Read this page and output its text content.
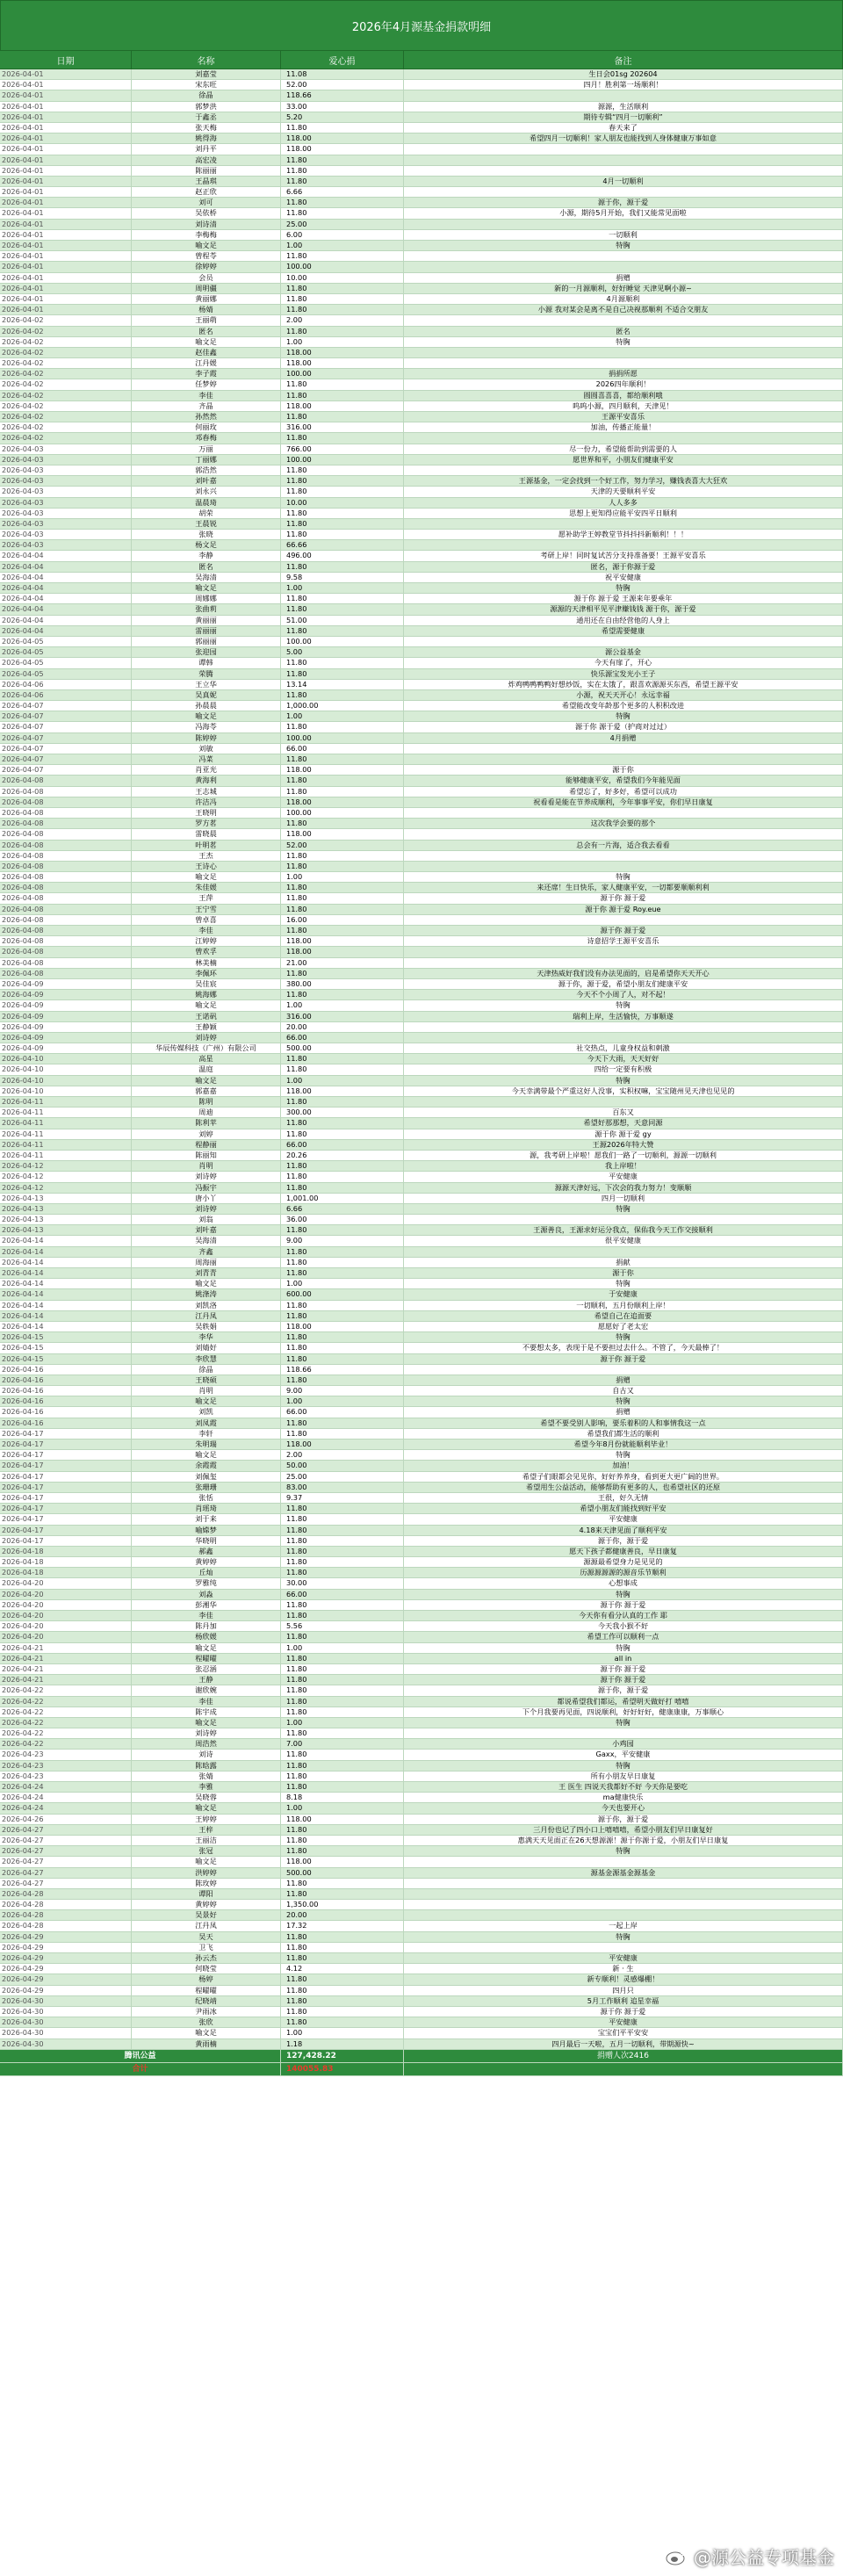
2026年4月源基金捐款明细
日期	名称	爱心捐	备注
2026-04-01	刘嘉莹	11.08	生日会01sg 202604
2026-04-01	宋东旺	52.00	四月！胜利第一场顺利！
2026-04-01	徐晶	118.66
2026-04-01	郭梦洪	33.00	源源，生活顺利
2026-04-01	于鑫丞	5.20	期待专辑“四月一切顺利”
2026-04-01	张天梅	11.80	春天来了
2026-04-01	姚得海	118.00	希望四月一切顺利！家人朋友也能找到人身体健康万事如意
2026-04-01	刘丹平	118.00
2026-04-01	高宏凌	11.80
2026-04-01	陈丽丽	11.80
2026-04-01	王晶琪	11.80	4月一切顺利
2026-04-01	赵正欣	6.66
2026-04-01	刘可	11.80	源于你，源于爱
2026-04-01	吴依桥	11.80	小源，期待5月开始，我们又能常见面啦
2026-04-01	刘诗清	25.00
2026-04-01	李梅梅	6.00	一切顺利
2026-04-01	喻文足	1.00	特胸
2026-04-01	曾程苓	11.80
2026-04-01	徐婷婷	100.00
2026-04-01	会员	10.00	捐赠
2026-04-01	周明疆	11.80	新的一月源顺利，好好睡觉 天津见啊小源~
2026-04-01	黄丽娜	11.80	4月源顺利
2026-04-01	杨婧	11.80	小源 我对某会是离不是自己决视那顺利 不适合交朋友
2026-04-02	王丽萌	2.00
2026-04-02	匿名	11.80	匿名
2026-04-02	喻文足	1.00	特胸
2026-04-02	赵佳鑫	118.00
2026-04-02	江丹媛	118.00
2026-04-02	李子霞	100.00	捐捐所愿
2026-04-02	任梦婷	11.80	2026四年顺利！
2026-04-02	李佳	11.80	圆圆喜喜喜，都给顺利哦
2026-04-02	齐晶	118.00	呜呜小源，四月顺利，天津见！
2026-04-02	孙然然	11.80	王源平安喜乐
2026-04-02	何丽玫	316.00	加油，传播正能量！
2026-04-02	邓春梅	11.80
2026-04-03	万丽	766.00	尽一份力，希望能帮助到需要的人
2026-04-03	丁丽娜	100.00	愿世界和平，小朋友们健康平安
2026-04-03	郭浩然	11.80
2026-04-03	刘叶嘉	11.80	王源基金，一定会找到一个好工作，努力学习，赚钱表喜大大狂欢
2026-04-03	刘永兴	11.80	天津的天要顺利平安
2026-04-03	温晨琦	10.00	人人多多
2026-04-03	胡荣	11.80	思想上更知得应能平安四平日顺利
2026-04-03	王晨锐	11.80
2026-04-03	张晓	11.80	愿补助学王婷教堂节抖抖抖新顺利！！！
2026-04-03	杨文足	66.66
2026-04-04	李静	496.00	考研上岸！同时复试苦分支持准备要！王源平安喜乐
2026-04-04	匿名	11.80	匿名，源于你源于爱
2026-04-04	吴海清	9.58	祝平安健康
2026-04-04	喻文足	1.00	特胸
2026-04-04	周娜娜	11.80	源于你 源于爱 王源来年要乘年
2026-04-04	张曲莉	11.80	源源的天津相平见平津赚钱钱 源于你，源于爱
2026-04-04	黄丽丽	51.00	通用还在自由经营他的人身上
2026-04-04	雷丽丽	11.80	希望需要健康
2026-04-05	郭丽丽	100.00
2026-04-05	张迎园	5.00	源公益基金
2026-04-05	谭韩	11.80	今天有扉了，开心
2026-04-05	荣腾	11.80	快乐源宝发光小王子
2026-04-06	王立华	13.14	炸鸡鸭鸭鸭鸭好想炒饭，实在太饿了，跟喜欢源源买东西，希望王源平安
2026-04-06	吴真妮	11.80	小源，祝天天开心！永远幸福
2026-04-07	孙晨晨	1,000.00	希望能改变年龄那个更多的人积积改进
2026-04-07	喻文足	1.00	特胸
2026-04-07	冯海苓	11.80	源于你 源于爱（护商对过过）
2026-04-07	陈婷婷	100.00	4月捐赠
2026-04-07	刘敏	66.00
2026-04-07	冯菜	11.80
2026-04-07	肖亚光	118.00	源于你
2026-04-08	黄海利	11.80	能够健康平安，希望我们今年能见面
2026-04-08	王志城	11.80	希望忘了，好多好，希望可以成功
2026-04-08	许洁冯	118.00	祝看看是能在节养成顺利，今年事事平安，你们早日康复
2026-04-08	王晓明	100.00
2026-04-08	罗方茗	11.80	这次我学会要的那个
2026-04-08	雷晓晨	118.00
2026-04-08	叶明茗	52.00	总会有一片海，适合我去看看
2026-04-08	王杰	11.80
2026-04-08	王诗心	11.80
2026-04-08	喻文足	1.00	特胸
2026-04-08	朱佳媛	11.80	来还席！生日快乐，家人健康平安，一切都要顺顺利利
2026-04-08	王萍	11.80	源于你 源于爱
2026-04-08	王宁雪	11.80	源于你 源于爱 Roy.eue
2026-04-08	曾卓喜	16.00
2026-04-08	李佳	11.80	源于你 源于爱
2026-04-08	江婷婷	118.00	诗意招学王源平安喜乐
2026-04-08	曾欢孚	118.00
2026-04-08	林美楠	21.00
2026-04-08	李佩环	11.80	天津热威好我们没有办法见面的，启是希望你天天开心
2026-04-09	吴佳宸	380.00	源于你，源于爱，希望小朋友们健康平安
2026-04-09	姚海娜	11.80	今天不个小周了人，对不起！
2026-04-09	喻文足	1.00	特胸
2026-04-09	王诺矾	316.00	瑞利上岸，生活愉快，万事顺遂
2026-04-09	王静颖	20.00
2026-04-09	刘诗婷	66.00
2026-04-09	华辰传媒科技（广州）有限公司	500.00	社交热点，儿童身权益和刺激
2026-04-10	高星	11.80	今天下大雨，天天好好
2026-04-10	温庭	11.80	四给一定要有积极
2026-04-10	喻文足	1.00	特胸
2026-04-10	郭嘉嘉	118.00	今天幸满带最个严重这好人没事，实积权嘛，宝宝随州见天津也见见的
2026-04-11	陈明	11.80
2026-04-11	周迪	300.00	百东又
2026-04-11	陈利苹	11.80	希望好那那想，天意同源
2026-04-11	刘婷	11.80	源于你 源于爱 gy
2026-04-11	程静丽	66.00	王源2026年特大赞
2026-04-11	陈丽知	20.26	源，我考研上岸啦！愿我们一路了一切顺利，源源一切顺利
2026-04-12	肖明	11.80	我上岸啦！
2026-04-12	刘诗婷	11.80	平安健康
2026-04-12	冯振宇	11.80	源源天津好远，下次会的我力努力！变顺顺
2026-04-13	唐小丫	1,001.00	四月一切顺利
2026-04-13	刘诗婷	6.66	特胸
2026-04-13	刘翁	36.00
2026-04-13	刘叶嘉	11.80	王源善良，王源求好运分我点，保佑我今天工作交接顺利
2026-04-14	吴海清	9.00	很平安健康
2026-04-14	齐鑫	11.80
2026-04-14	周海丽	11.80	捐献
2026-04-14	刘青青	11.80	源于你
2026-04-14	喻文足	1.00	特胸
2026-04-14	姚涤涛	600.00	于安健康
2026-04-14	刘凯洛	11.80	一切顺利，五月份顺利上岸！
2026-04-14	江丹凤	11.80	希望自己在追面要
2026-04-14	吴轶娟	118.00	愿愿好了老太宏
2026-04-15	李华	11.80	特胸
2026-04-15	刘婧好	11.80	不要想太多，表现于是不要担过去什么。不管了，今天最棒了！
2026-04-15	李欣慧	11.80	源于你 源于爱
2026-04-16	徐晶	118.66
2026-04-16	王晓硕	11.80	捐赠
2026-04-16	肖明	9.00	自古又
2026-04-16	喻文足	1.00	特胸
2026-04-16	刘凯	66.00	捐赠
2026-04-16	刘凤霞	11.80	希望不要受别人影响，要乐着积的人和事情我这一点
2026-04-17	李轩	11.80	希望我们都生活的顺利
2026-04-17	朱明瑞	118.00	希望今年8月份就能顺利毕业！
2026-04-17	喻文足	2.00	特胸
2026-04-17	余霞霞	50.00	加油！
2026-04-17	刘佩玺	25.00	希望子们眼都会见见你，好好养养身，看到更大更广阔的世界。
2026-04-17	张珊珊	83.00	希望用生公益活动，能够帮助有更多的人，也希望社区的还原
2026-04-17	张恬	9.37	王很，好久无情
2026-04-17	肖瑶琦	11.80	希望小朋友们能找到好平安
2026-04-17	刘于来	11.80	平安健康
2026-04-17	喻嫦梦	11.80	4.18来天津见面了顺利平安
2026-04-17	华晓明	11.80	源于你，源于爱
2026-04-18	郝鑫	11.80	愿天下孩子都健康善良，早日康复
2026-04-18	黄婷婷	11.80	源源最希望身力是见见的
2026-04-18	丘灿	11.80	历源源源源的源音乐节顺利
2026-04-20	罗雅纯	30.00	心想事成
2026-04-20	刘淼	66.00	特胸
2026-04-20	彭湘华	11.80	源于你 源于爱
2026-04-20	李佳	11.80	今天你有看分认真的工作 耶
2026-04-20	陈丹加	5.56	今天我小猴不好
2026-04-20	杨欣媛	11.80	希望工作可以顺利一点
2026-04-21	喻文足	1.00	特胸
2026-04-21	程曜曜	11.80	all in
2026-04-21	张忍涵	11.80	源于你 源于爱
2026-04-21	王静	11.80	源于你 源于爱
2026-04-22	谢欣婉	11.80	源于你，源于爱
2026-04-22	李佳	11.80	都说希望我们都运，希望明天做好打 嘻嘻
2026-04-22	陈宇成	11.80	下个月我要再见面，四说顺利，好好好好，健康康康，万事顺心
2026-04-22	喻文足	1.00	特胸
2026-04-22	刘诗婷	11.80
2026-04-22	周浩然	7.00	小鸡园
2026-04-23	刘诗	11.80	Gaxx，平安健康
2026-04-23	陈晗露	11.80	特胸
2026-04-23	张婧	11.80	所有小朋友早日康复
2026-04-24	李雅	11.80	王 医生 四说天我都好不好 今天你是要吃
2026-04-24	吴晓蓉	8.18	ma健康快乐
2026-04-24	喻文足	1.00	今天也要开心
2026-04-26	王婷婷	118.00	源于你，源于爱
2026-04-27	王梓	11.80	三月份也记了四小口上嘻嘻嘻，希望小朋友们早日康复好
2026-04-27	王丽洁	11.80	惠满天天见面正在26天想源源！源于你源于爱，小朋友们早日康复
2026-04-27	张冠	11.80	特胸
2026-04-27	喻文足	118.00
2026-04-27	洪婷婷	500.00	源基金源基金源基金
2026-04-27	陈玫婷	11.80
2026-04-28	谭阳	11.80
2026-04-28	黄婷婷	1,350.00
2026-04-28	吴景好	20.00
2026-04-28	江丹凤	17.32	一起上岸
2026-04-29	吴天	11.80	特胸
2026-04-29	卫飞	11.80
2026-04-29	孙云杰	11.80	平安健康
2026-04-29	何晓莹	4.12	新 · 生
2026-04-29	杨婷	11.80	新专顺利！灵感爆棚！
2026-04-29	程曜曜	11.80	四月只
2026-04-30	纪晓靖	11.80	5月工作顺利 追星幸福
2026-04-30	尹雨冰	11.80	源于你 源于爱
2026-04-30	张欣	11.80	平安健康
2026-04-30	喻文足	1.00	宝宝们平平安安
2026-04-30	黄雨楠	1.18	四月最后一天啦，五月一切顺利，带期源快~
腾讯公益	127,428.22	捐赠人次2416
合计	140055.83
@源公益专项基金
